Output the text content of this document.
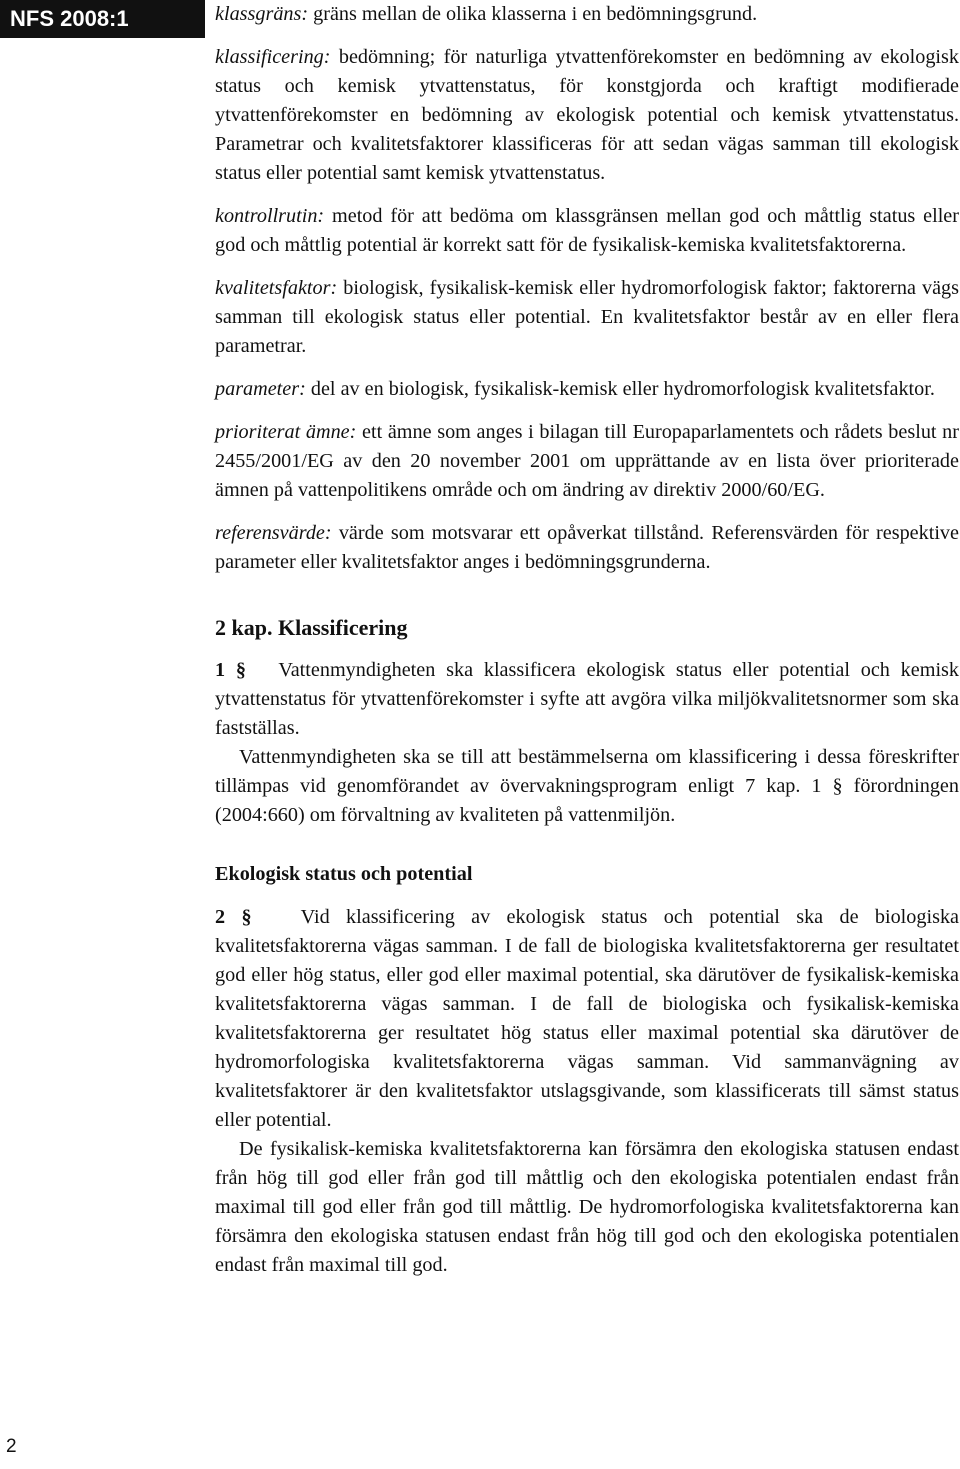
NFS 2008:1
2

klassgräns: gräns mellan de olika klasserna i en bedömningsgrund.

klassificering: bedömning; för naturliga ytvattenförekomster en bedömning av ekologisk status och kemisk ytvattenstatus, för konstgjorda och kraftigt modifierade ytvattenförekomster en bedömning av ekologisk potential och kemisk ytvattenstatus. Parametrar och kvalitetsfaktorer klassificeras för att sedan vägas samman till ekologisk status eller potential samt kemisk ytvattenstatus.

kontrollrutin: metod för att bedöma om klassgränsen mellan god och måttlig status eller god och måttlig potential är korrekt satt för de fysikalisk-kemiska kvalitetsfaktorerna.

kvalitetsfaktor: biologisk, fysikalisk-kemisk eller hydromorfologisk faktor; faktorerna vägs samman till ekologisk status eller potential. En kvalitetsfaktor består av en eller flera parametrar.

parameter: del av en biologisk, fysikalisk-kemisk eller hydromorfologisk kvalitetsfaktor.

prioriterat ämne: ett ämne som anges i bilagan till Europaparlamentets och rådets beslut nr 2455/2001/EG av den 20 november 2001 om upprättande av en lista över prioriterade ämnen på vattenpolitikens område och om ändring av direktiv 2000/60/EG.

referensvärde: värde som motsvarar ett opåverkat tillstånd. Referensvärden för respektive parameter eller kvalitetsfaktor anges i bedömningsgrunderna.

2 kap. Klassificering

1 § Vattenmyndigheten ska klassificera ekologisk status eller potential och kemisk ytvattenstatus för ytvattenförekomster i syfte att avgöra vilka miljökvalitetsnormer som ska fastställas.

Vattenmyndigheten ska se till att bestämmelserna om klassificering i dessa föreskrifter tillämpas vid genomförandet av övervakningsprogram enligt 7 kap. 1 § förordningen (2004:660) om förvaltning av kvaliteten på vattenmiljön.

Ekologisk status och potential

2 § Vid klassificering av ekologisk status och potential ska de biologiska kvalitetsfaktorerna vägas samman. I de fall de biologiska kvalitetsfaktorerna ger resultatet god eller hög status, eller god eller maximal potential, ska därutöver de fysikalisk-kemiska kvalitetsfaktorerna vägas samman. I de fall de biologiska och fysikalisk-kemiska kvalitetsfaktorerna ger resultatet hög status eller maximal potential ska därutöver de hydromorfologiska kvalitetsfaktorerna vägas samman. Vid sammanvägning av kvalitetsfaktorer är den kvalitetsfaktor utslagsgivande, som klassificerats till sämst status eller potential.

De fysikalisk-kemiska kvalitetsfaktorerna kan försämra den ekologiska statusen endast från hög till god eller från god till måttlig och den ekologiska potentialen endast från maximal till god eller från god till måttlig. De hydromorfologiska kvalitetsfaktorerna kan försämra den ekologiska statusen endast från hög till god och den ekologiska potentialen endast från maximal till god.
